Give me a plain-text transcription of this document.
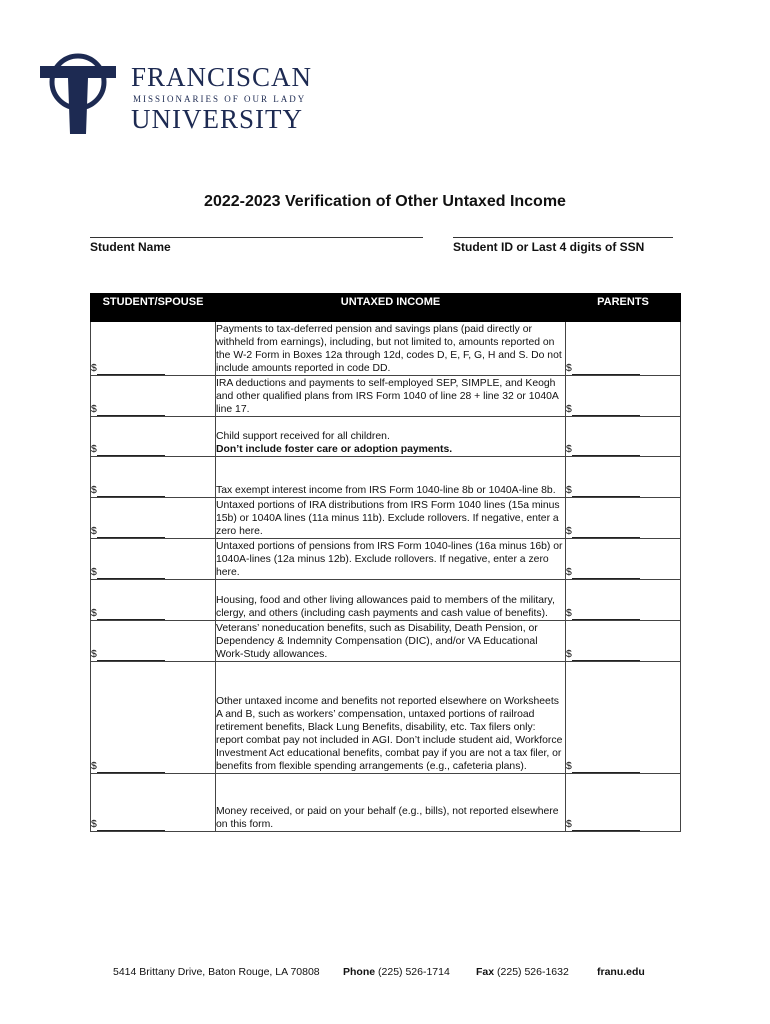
FRANCISCAN
MISSIONARIES OF OUR LADY
UNIVERSITY
2022-2023 Verification of Other Untaxed Income
Student Name	Student ID or Last 4 digits of SSN
STUDENT/SPOUSE	UNTAXED INCOME	PARENTS
$	Payments to tax-deferred pension and savings plans (paid directly or withheld from earnings), including, but not limited to, amounts reported on the W-2 Form in Boxes 12a through 12d, codes D, E, F, G, H and S. Do not include amounts reported in code DD.	$
$	IRA deductions and payments to self-employed SEP, SIMPLE, and Keogh and other qualified plans from IRS Form 1040 of line 28 + line 32 or 1040A line 17.	$
$	Child support received for all children.
Don’t include foster care or adoption payments.	$
$	Tax exempt interest income from IRS Form 1040-line 8b or 1040A-line 8b.	$
$	Untaxed portions of IRA distributions from IRS Form 1040 lines (15a minus 15b) or 1040A lines (11a minus 11b). Exclude rollovers. If negative, enter a zero here.	$
$	Untaxed portions of pensions from IRS Form 1040-lines (16a minus 16b) or 1040A-lines (12a minus 12b). Exclude rollovers. If negative, enter a zero here.	$
$	Housing, food and other living allowances paid to members of the military, clergy, and others (including cash payments and cash value of benefits).	$
$	Veterans’ noneducation benefits, such as Disability, Death Pension, or Dependency & Indemnity Compensation (DIC), and/or VA Educational Work-Study allowances.	$
$	Other untaxed income and benefits not reported elsewhere on Worksheets A and B, such as workers’ compensation, untaxed portions of railroad retirement benefits, Black Lung Benefits, disability, etc. Tax filers only: report combat pay not included in AGI. Don’t include student aid, Workforce Investment Act educational benefits, combat pay if you are not a tax filer, or benefits from flexible spending arrangements (e.g., cafeteria plans).	$
$	Money received, or paid on your behalf (e.g., bills), not reported elsewhere on this form.	$
5414 Brittany Drive, Baton Rouge, LA 70808 Phone (225) 526-1714 Fax (225) 526-1632	franu.edu
